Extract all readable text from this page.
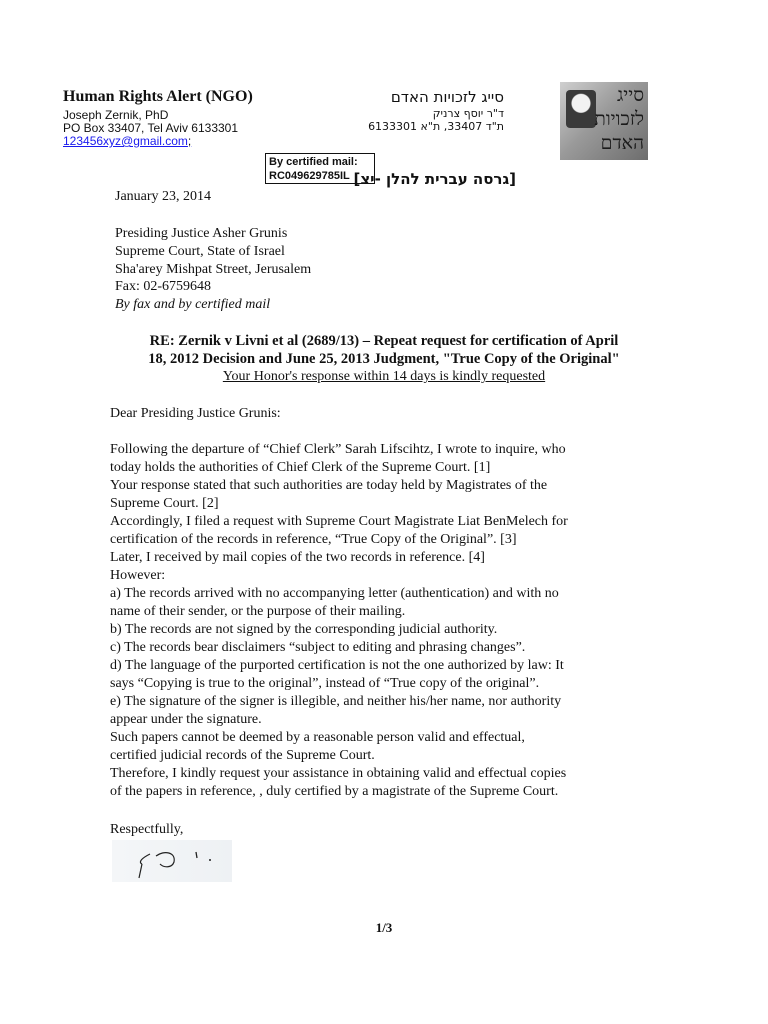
Human Rights Alert (NGO)
Joseph Zernik, PhD
PO Box 33407, Tel Aviv 6133301
123456xyz@gmail.com;
סייג לזכויות האדם
ד"ר יוסף צרניק
ת"ד 33407, ת"א 6133301
סייג
לזכויות
האדם
By certified mail:
RC049629785IL [גרסה עברית להלן -יצ]
January 23, 2014
Presiding Justice Asher Grunis
Supreme Court, State of Israel
Sha'arey Mishpat Street, Jerusalem
Fax: 02-6759648
By fax and by certified mail
RE: Zernik v Livni et al (2689/13) – Repeat request for certification of April
18, 2012 Decision and June 25, 2013 Judgment, "True Copy of the Original"
Your Honor's response within 14 days is kindly requested
Dear Presiding Justice Grunis:
Following the departure of “Chief Clerk” Sarah Lifscihtz, I wrote to inquire, who
today holds the authorities of Chief Clerk of the Supreme Court. [1]
Your response stated that such authorities are today held by Magistrates of the
Supreme Court. [2]
Accordingly, I filed a request with Supreme Court Magistrate Liat BenMelech for
certification of the records in reference, “True Copy of the Original”. [3]
Later, I received by mail copies of the two records in reference. [4]
However:
a) The records arrived with no accompanying letter (authentication) and with no
name of their sender, or the purpose of their mailing.
b) The records are not signed by the corresponding judicial authority.
c) The records bear disclaimers “subject to editing and phrasing changes”.
d) The language of the purported certification is not the one authorized by law: It
says “Copying is true to the original”, instead of “True copy of the original”.
e) The signature of the signer is illegible, and neither his/her name, nor authority
appear under the signature.
Such papers cannot be deemed by a reasonable person valid and effectual,
certified judicial records of the Supreme Court.
Therefore, I kindly request your assistance in obtaining valid and effectual copies
of the papers in reference, , duly certified by a magistrate of the Supreme Court.
Respectfully,
1/3
